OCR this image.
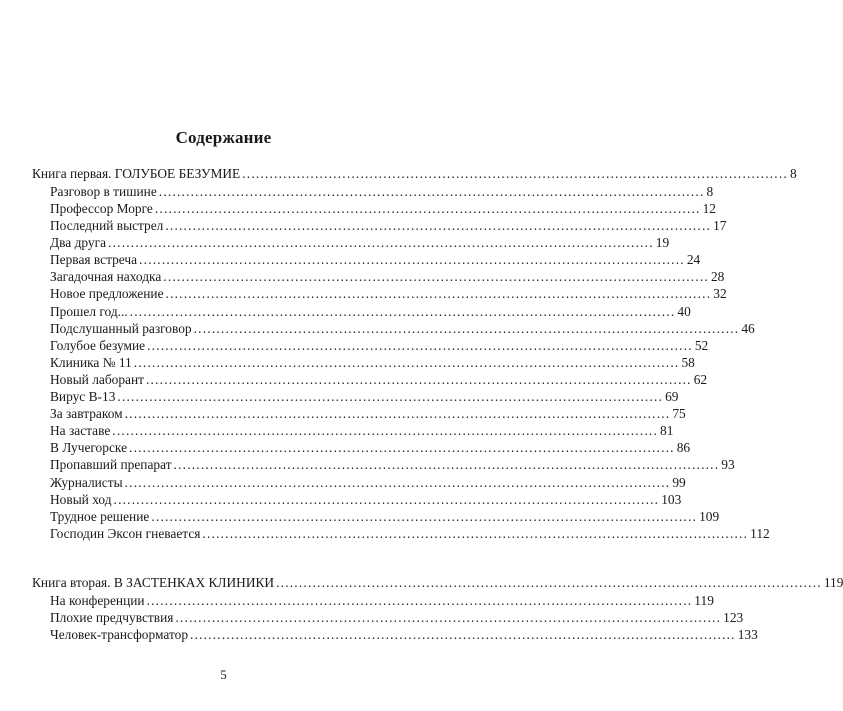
Содержание
Книга первая. ГОЛУБОЕ БЕЗУМИЕ ........................................................................................................................ 8
Разговор в тишине ........................................................................................................................ 8
Профессор Морге ........................................................................................................................ 12
Последний выстрел ........................................................................................................................ 17
Два друга ........................................................................................................................ 19
Первая встреча ........................................................................................................................ 24
Загадочная находка ........................................................................................................................ 28
Новое предложение ........................................................................................................................ 32
Прошел год... ........................................................................................................................ 40
Подслушанный разговор ........................................................................................................................ 46
Голубое безумие ........................................................................................................................ 52
Клиника № 11 ........................................................................................................................ 58
Новый лаборант ........................................................................................................................ 62
Вирус В-13 ........................................................................................................................ 69
За завтраком ........................................................................................................................ 75
На заставе ........................................................................................................................ 81
В Лучегорске ........................................................................................................................ 86
Пропавший препарат ........................................................................................................................ 93
Журналисты ........................................................................................................................ 99
Новый ход ........................................................................................................................ 103
Трудное решение ........................................................................................................................ 109
Господин Эксон гневается ........................................................................................................................ 112
Книга вторая. В ЗАСТЕНКАХ КЛИНИКИ ........................................................................................................................ 119
На конференции ........................................................................................................................ 119
Плохие предчувствия ........................................................................................................................ 123
Человек-трансформатор ........................................................................................................................ 133
5
